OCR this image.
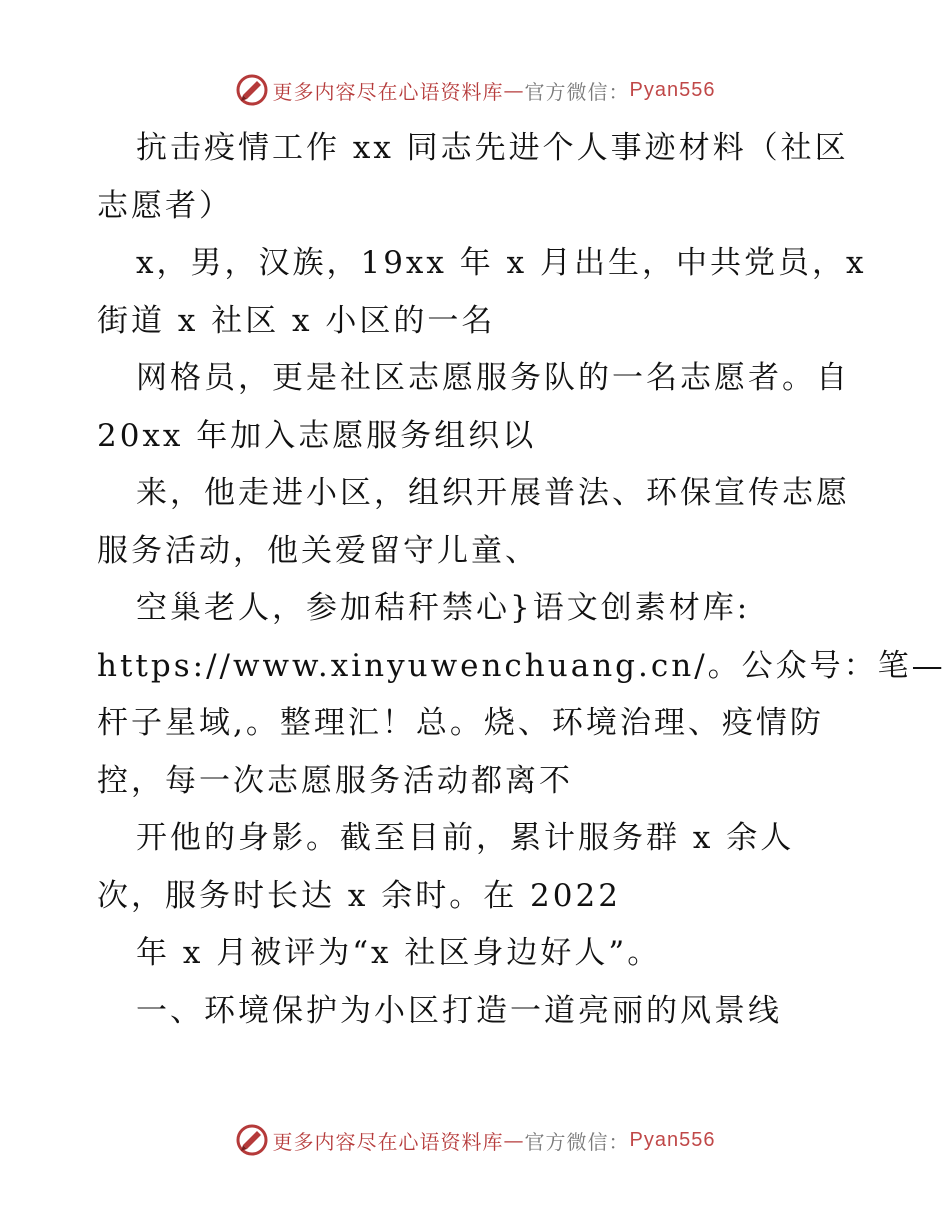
更多内容尽在心语资料库 — 官方微信： Pyan556
抗击疫情工作 xx 同志先进个人事迹材料（社区
志愿者）
x，男，汉族，19xx 年 x 月出生，中共党员，x
街道 x 社区 x 小区的一名
网格员，更是社区志愿服务队的一名志愿者。自
20xx 年加入志愿服务组织以
来，他走进小区，组织开展普法、环保宣传志愿
服务活动，他关爱留守儿童、
空巢老人，参加秸秆禁心}语文创素材库:
https://www.xinyuwenchuang.cn/。公众号：笔—
杆子星域,。整理汇！总。烧、环境治理、疫情防
控，每一次志愿服务活动都离不
开他的身影。截至目前，累计服务群 x 余人
次，服务时长达 x 余时。在 2022
年 x 月被评为“x 社区身边好人”。
一、环境保护为小区打造一道亮丽的风景线
更多内容尽在心语资料库 — 官方微信： Pyan556
